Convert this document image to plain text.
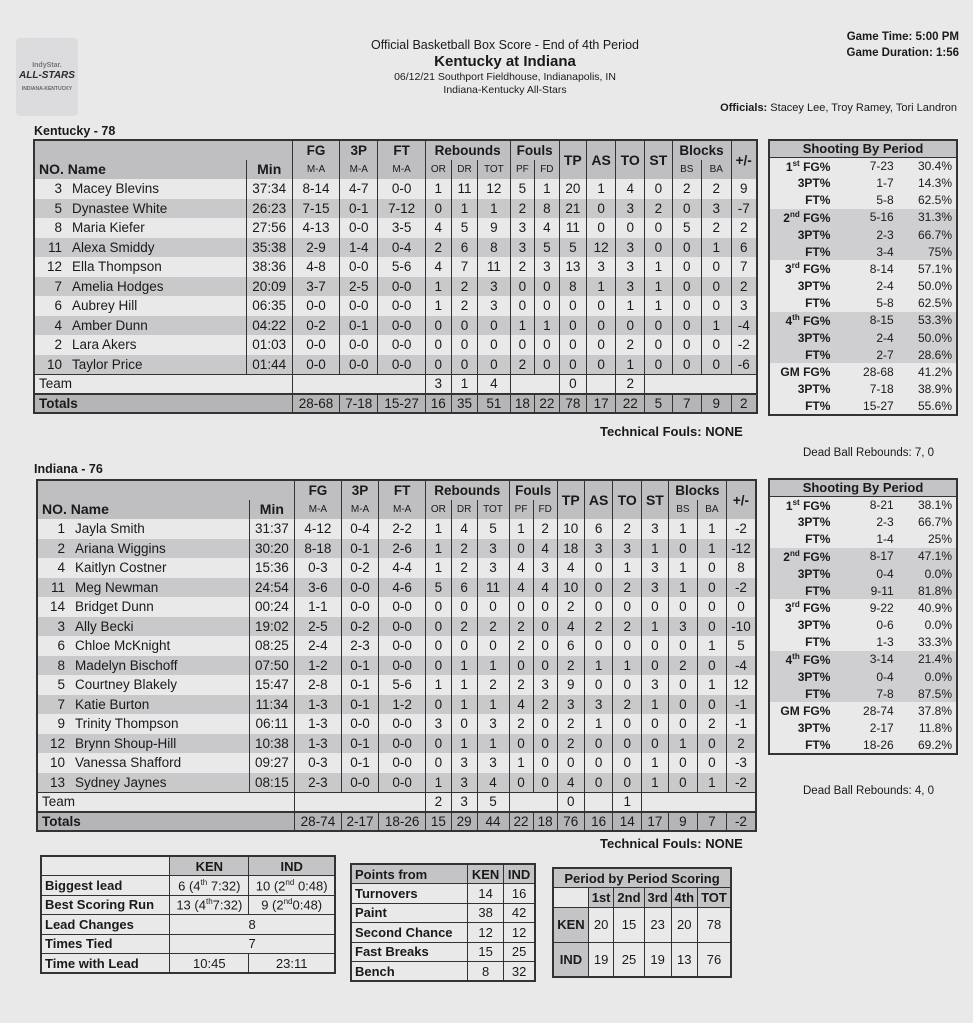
IndyStar.
ALL-STARS
INDIANA-KENTUCKY
Official Basketball Box Score - End of 4th Period
Kentucky at Indiana
06/12/21 Southport Fieldhouse, Indianapolis, IN
Indiana-Kentucky All-Stars
Game Time: 5:00 PM
Game Duration: 1:56
Officials: Stacey Lee, Troy Ramey, Tori Landron
Kentucky - 78
			FG	3P	FT	Rebounds			Fouls		TP	AS	TO	ST	Blocks		+/-
NO. Name		Min	M-A	M-A	M-A	OR	DR	TOT	PF	FD					BS	BA	
3	Macey Blevins	37:34	8-14	4-7	0-0	1	11	12	5	1	20	1	4	0	2	2	9
5	Dynastee White	26:23	7-15	0-1	7-12	0	1	1	2	8	21	0	3	2	0	3	-7
8	Maria Kiefer	27:56	4-13	0-0	3-5	4	5	9	3	4	11	0	0	0	5	2	2
11	Alexa Smiddy	35:38	2-9	1-4	0-4	2	6	8	3	5	5	12	3	0	0	1	6
12	Ella Thompson	38:36	4-8	0-0	5-6	4	7	11	2	3	13	3	3	1	0	0	7
7	Amelia Hodges	20:09	3-7	2-5	0-0	1	2	3	0	0	8	1	3	1	0	0	2
6	Aubrey Hill	06:35	0-0	0-0	0-0	1	2	3	0	0	0	0	1	1	0	0	3
4	Amber Dunn	04:22	0-2	0-1	0-0	0	0	0	1	1	0	0	0	0	0	1	-4
2	Lara Akers	01:03	0-0	0-0	0-0	0	0	0	0	0	0	0	2	0	0	0	-2
10	Taylor Price	01:44	0-0	0-0	0-0	0	0	0	2	0	0	0	1	0	0	0	-6
Team						3	1	4			0		2				
Totals			28-68	7-18	15-27	16	35	51	18	22	78	17	22	5	7	9	2
Technical Fouls: NONE
Shooting By Period		
1st FG%	7-23	30.4%
3PT%	1-7	14.3%
FT%	5-8	62.5%
2nd FG%	5-16	31.3%
3PT%	2-3	66.7%
FT%	3-4	75%
3rd FG%	8-14	57.1%
3PT%	2-4	50.0%
FT%	5-8	62.5%
4th FG%	8-15	53.3%
3PT%	2-4	50.0%
FT%	2-7	28.6%
GM FG%	28-68	41.2%
3PT%	7-18	38.9%
FT%	15-27	55.6%
Dead Ball Rebounds: 7, 0
Indiana - 76
			FG	3P	FT	Rebounds			Fouls		TP	AS	TO	ST	Blocks		+/-
NO. Name		Min	M-A	M-A	M-A	OR	DR	TOT	PF	FD					BS	BA	
1	Jayla Smith	31:37	4-12	0-4	2-2	1	4	5	1	2	10	6	2	3	1	1	-2
2	Ariana Wiggins	30:20	8-18	0-1	2-6	1	2	3	0	4	18	3	3	1	0	1	-12
4	Kaitlyn Costner	15:36	0-3	0-2	4-4	1	2	3	4	3	4	0	1	3	1	0	8
11	Meg Newman	24:54	3-6	0-0	4-6	5	6	11	4	4	10	0	2	3	1	0	-2
14	Bridget Dunn	00:24	1-1	0-0	0-0	0	0	0	0	0	2	0	0	0	0	0	0
3	Ally Becki	19:02	2-5	0-2	0-0	0	2	2	2	0	4	2	2	1	3	0	-10
6	Chloe McKnight	08:25	2-4	2-3	0-0	0	0	0	2	0	6	0	0	0	0	1	5
8	Madelyn Bischoff	07:50	1-2	0-1	0-0	0	1	1	0	0	2	1	1	0	2	0	-4
5	Courtney Blakely	15:47	2-8	0-1	5-6	1	1	2	2	3	9	0	0	3	0	1	12
7	Katie Burton	11:34	1-3	0-1	1-2	0	1	1	4	2	3	3	2	1	0	0	-1
9	Trinity Thompson	06:11	1-3	0-0	0-0	3	0	3	2	0	2	1	0	0	0	2	-1
12	Brynn Shoup-Hill	10:38	1-3	0-1	0-0	0	1	1	0	0	2	0	0	0	1	0	2
10	Vanessa Shafford	09:27	0-3	0-1	0-0	0	3	3	1	0	0	0	0	1	0	0	-3
13	Sydney Jaynes	08:15	2-3	0-0	0-0	1	3	4	0	0	4	0	0	1	0	1	-2
Team						2	3	5			0		1				
Totals			28-74	2-17	18-26	15	29	44	22	18	76	16	14	17	9	7	-2
Technical Fouls: NONE
Shooting By Period		
1st FG%	8-21	38.1%
3PT%	2-3	66.7%
FT%	1-4	25%
2nd FG%	8-17	47.1%
3PT%	0-4	0.0%
FT%	9-11	81.8%
3rd FG%	9-22	40.9%
3PT%	0-6	0.0%
FT%	1-3	33.3%
4th FG%	3-14	21.4%
3PT%	0-4	0.0%
FT%	7-8	87.5%
GM FG%	28-74	37.8%
3PT%	2-17	11.8%
FT%	18-26	69.2%
Dead Ball Rebounds: 4, 0
	KEN	IND
Biggest lead	6 (4th 7:32)	10 (2nd 0:48)
Best Scoring Run	13 (4th7:32)	9 (2nd0:48)
Lead Changes	8	
Times Tied	7	
Time with Lead	10:45	23:11
Points from	KEN	IND
Turnovers	14	16
Paint	38	42
Second Chance	12	12
Fast Breaks	15	25
Bench	8	32
Period by Period Scoring					
	1st	2nd	3rd	4th	TOT
KEN	20	15	23	20	78
IND	19	25	19	13	76
